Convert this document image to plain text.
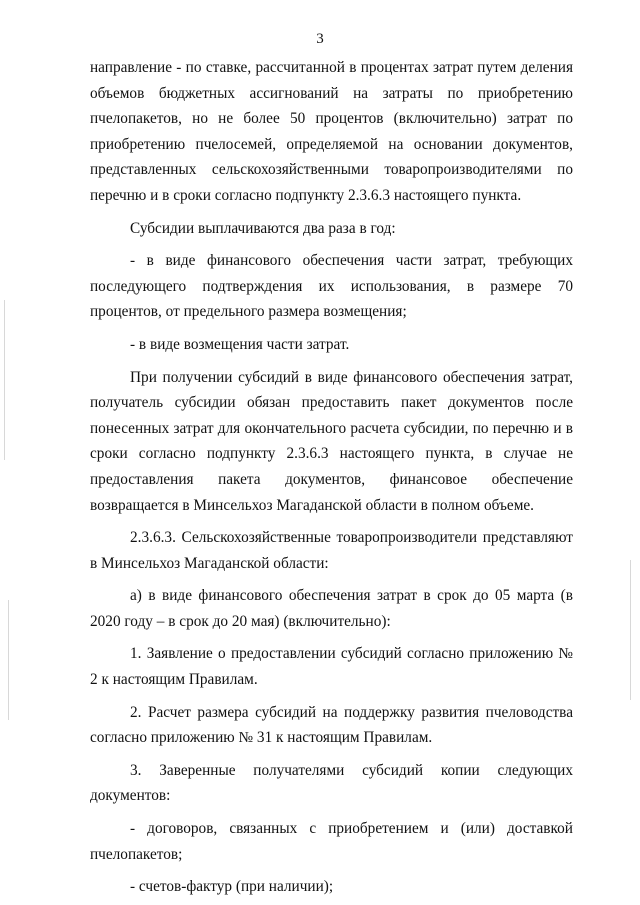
3

направление - по ставке, рассчитанной в процентах затрат путем деления объемов бюджетных ассигнований на затраты по приобретению пчелопакетов, но не более 50 процентов (включительно) затрат по приобретению пчелосемей, определяемой на основании документов, представленных сельскохозяйственными товаропроизводителями по перечню и в сроки согласно подпункту 2.3.6.3 настоящего пункта.

Субсидии выплачиваются два раза в год:

- в виде финансового обеспечения части затрат, требующих последующего подтверждения их использования, в размере 70 процентов, от предельного размера возмещения;

- в виде возмещения части затрат.

При получении субсидий в виде финансового обеспечения затрат, получатель субсидии обязан предоставить пакет документов после понесенных затрат для окончательного расчета субсидии, по перечню и в сроки согласно подпункту 2.3.6.3 настоящего пункта, в случае не предоставления пакета документов, финансовое обеспечение возвращается в Минсельхоз Магаданской области в полном объеме.

2.3.6.3. Сельскохозяйственные товаропроизводители представляют в Минсельхоз Магаданской области:

а) в виде финансового обеспечения затрат в срок до 05 марта (в 2020 году – в срок до 20 мая) (включительно):

1. Заявление о предоставлении субсидий согласно приложению № 2 к настоящим Правилам.

2. Расчет размера субсидий на поддержку развития пчеловодства согласно приложению № 31 к настоящим Правилам.

3. Заверенные получателями субсидий копии следующих документов:

- договоров, связанных с приобретением и (или) доставкой пчелопакетов;

- счетов-фактур (при наличии);
